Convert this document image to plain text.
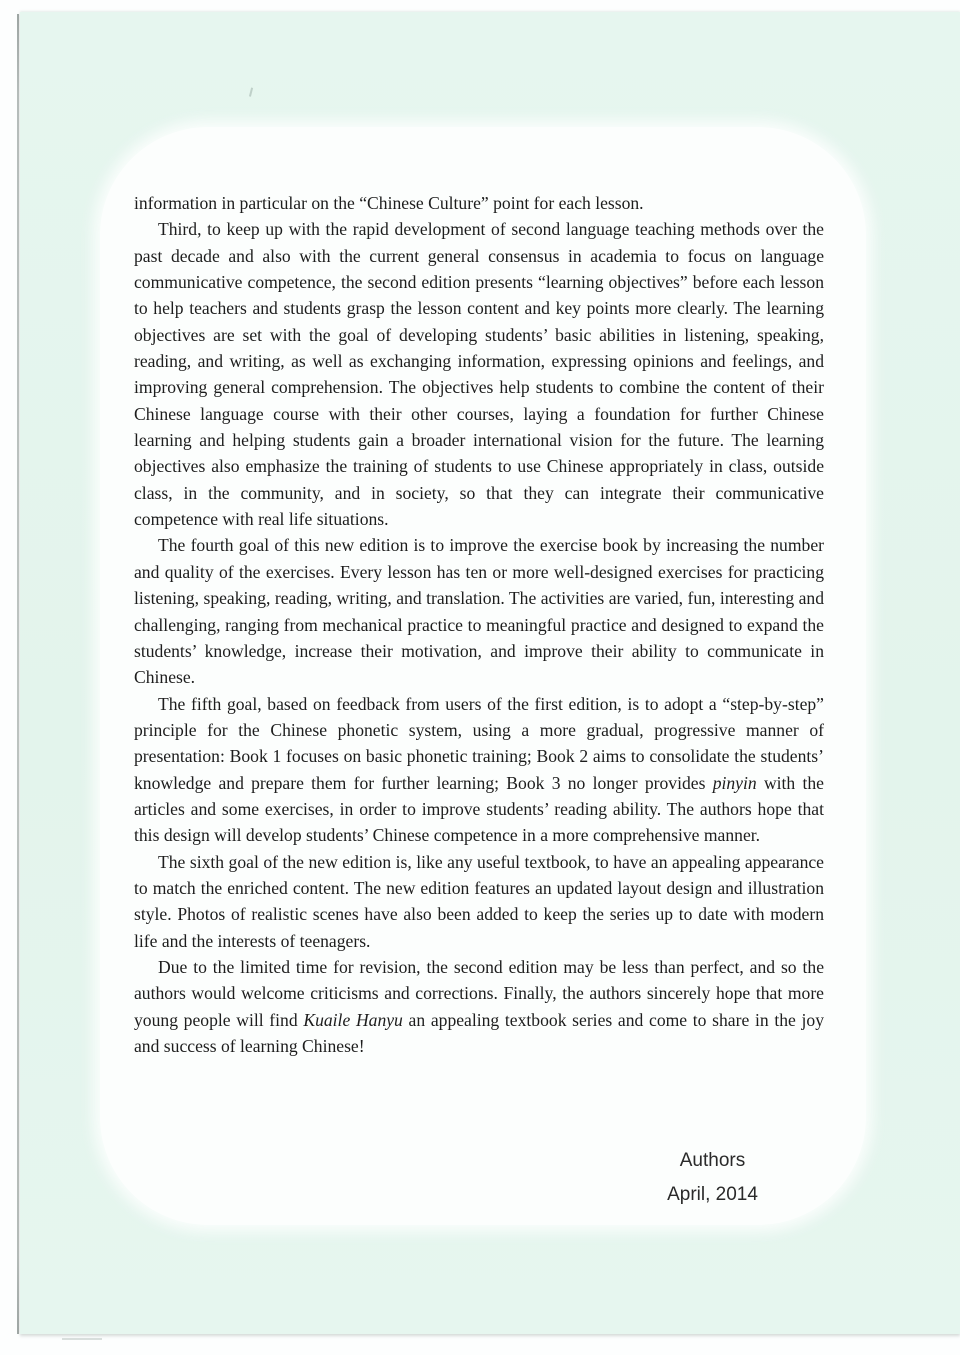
information in particular on the “Chinese Culture” point for each lesson.

Third, to keep up with the rapid development of second language teaching methods over the past decade and also with the current general consensus in academia to focus on language communicative competence, the second edition presents “learning objectives” before each lesson to help teachers and students grasp the lesson content and key points more clearly. The learning objectives are set with the goal of developing students’ basic abilities in listening, speaking, reading, and writing, as well as exchanging information, expressing opinions and feelings, and improving general comprehension. The objectives help students to combine the content of their Chinese language course with their other courses, laying a foundation for further Chinese learning and helping students gain a broader international vision for the future. The learning objectives also emphasize the training of students to use Chinese appropriately in class, outside class, in the community, and in society, so that they can integrate their communicative competence with real life situations.

The fourth goal of this new edition is to improve the exercise book by increasing the number and quality of the exercises. Every lesson has ten or more well-designed exercises for practicing listening, speaking, reading, writing, and translation. The activities are varied, fun, interesting and challenging, ranging from mechanical practice to meaningful practice and designed to expand the students’ knowledge, increase their motivation, and improve their ability to communicate in Chinese.

The fifth goal, based on feedback from users of the first edition, is to adopt a “step-by-step” principle for the Chinese phonetic system, using a more gradual, progressive manner of presentation: Book 1 focuses on basic phonetic training; Book 2 aims to consolidate the students’ knowledge and prepare them for further learning; Book 3 no longer provides pinyin with the articles and some exercises, in order to improve students’ reading ability. The authors hope that this design will develop students’ Chinese competence in a more comprehensive manner.

The sixth goal of the new edition is, like any useful textbook, to have an appealing appearance to match the enriched content. The new edition features an updated layout design and illustration style. Photos of realistic scenes have also been added to keep the series up to date with modern life and the interests of teenagers.

Due to the limited time for revision, the second edition may be less than perfect, and so the authors would welcome criticisms and corrections. Finally, the authors sincerely hope that more young people will find Kuaile Hanyu an appealing textbook series and come to share in the joy and success of learning Chinese!

Authors
April, 2014
